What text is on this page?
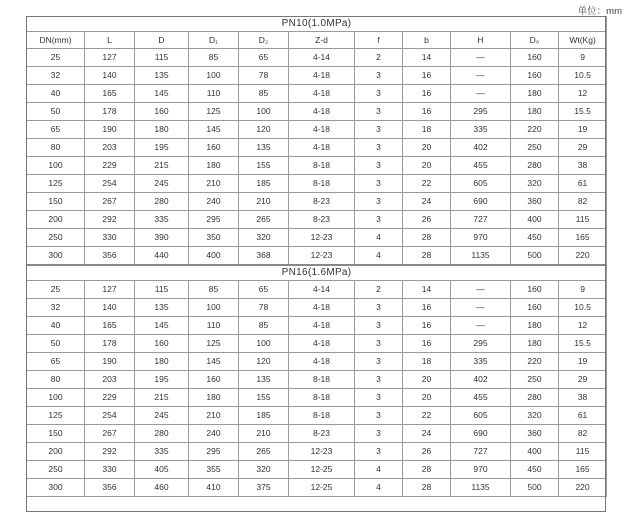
单位：mm
PN10(1.0MPa)										
DN(mm)	L	D	D₁	D₂	Z-d	f	b	H	D₀	Wt(Kg)
25	127	115	85	65	4-14	2	14	—	160	9
32	140	135	100	78	4-18	3	16	—	160	10.5
40	165	145	110	85	4-18	3	16	—	180	12
50	178	160	125	100	4-18	3	16	295	180	15.5
65	190	180	145	120	4-18	3	18	335	220	19
80	203	195	160	135	4-18	3	20	402	250	29
100	229	215	180	155	8-18	3	20	455	280	38
125	254	245	210	185	8-18	3	22	605	320	61
150	267	280	240	210	8-23	3	24	690	360	82
200	292	335	295	265	8-23	3	26	727	400	115
250	330	390	350	320	12-23	4	28	970	450	165
300	356	440	400	368	12-23	4	28	1135	500	220
PN16(1.6MPa)										
25	127	115	85	65	4-14	2	14	—	160	9
32	140	135	100	78	4-18	3	16	—	160	10.5
40	165	145	110	85	4-18	3	16	—	180	12
50	178	160	125	100	4-18	3	16	295	180	15.5
65	190	180	145	120	4-18	3	18	335	220	19
80	203	195	160	135	8-18	3	20	402	250	29
100	229	215	180	155	8-18	3	20	455	280	38
125	254	245	210	185	8-18	3	22	605	320	61
150	267	280	240	210	8-23	3	24	690	360	82
200	292	335	295	265	12-23	3	26	727	400	115
250	330	405	355	320	12-25	4	28	970	450	165
300	356	460	410	375	12-25	4	28	1135	500	220
